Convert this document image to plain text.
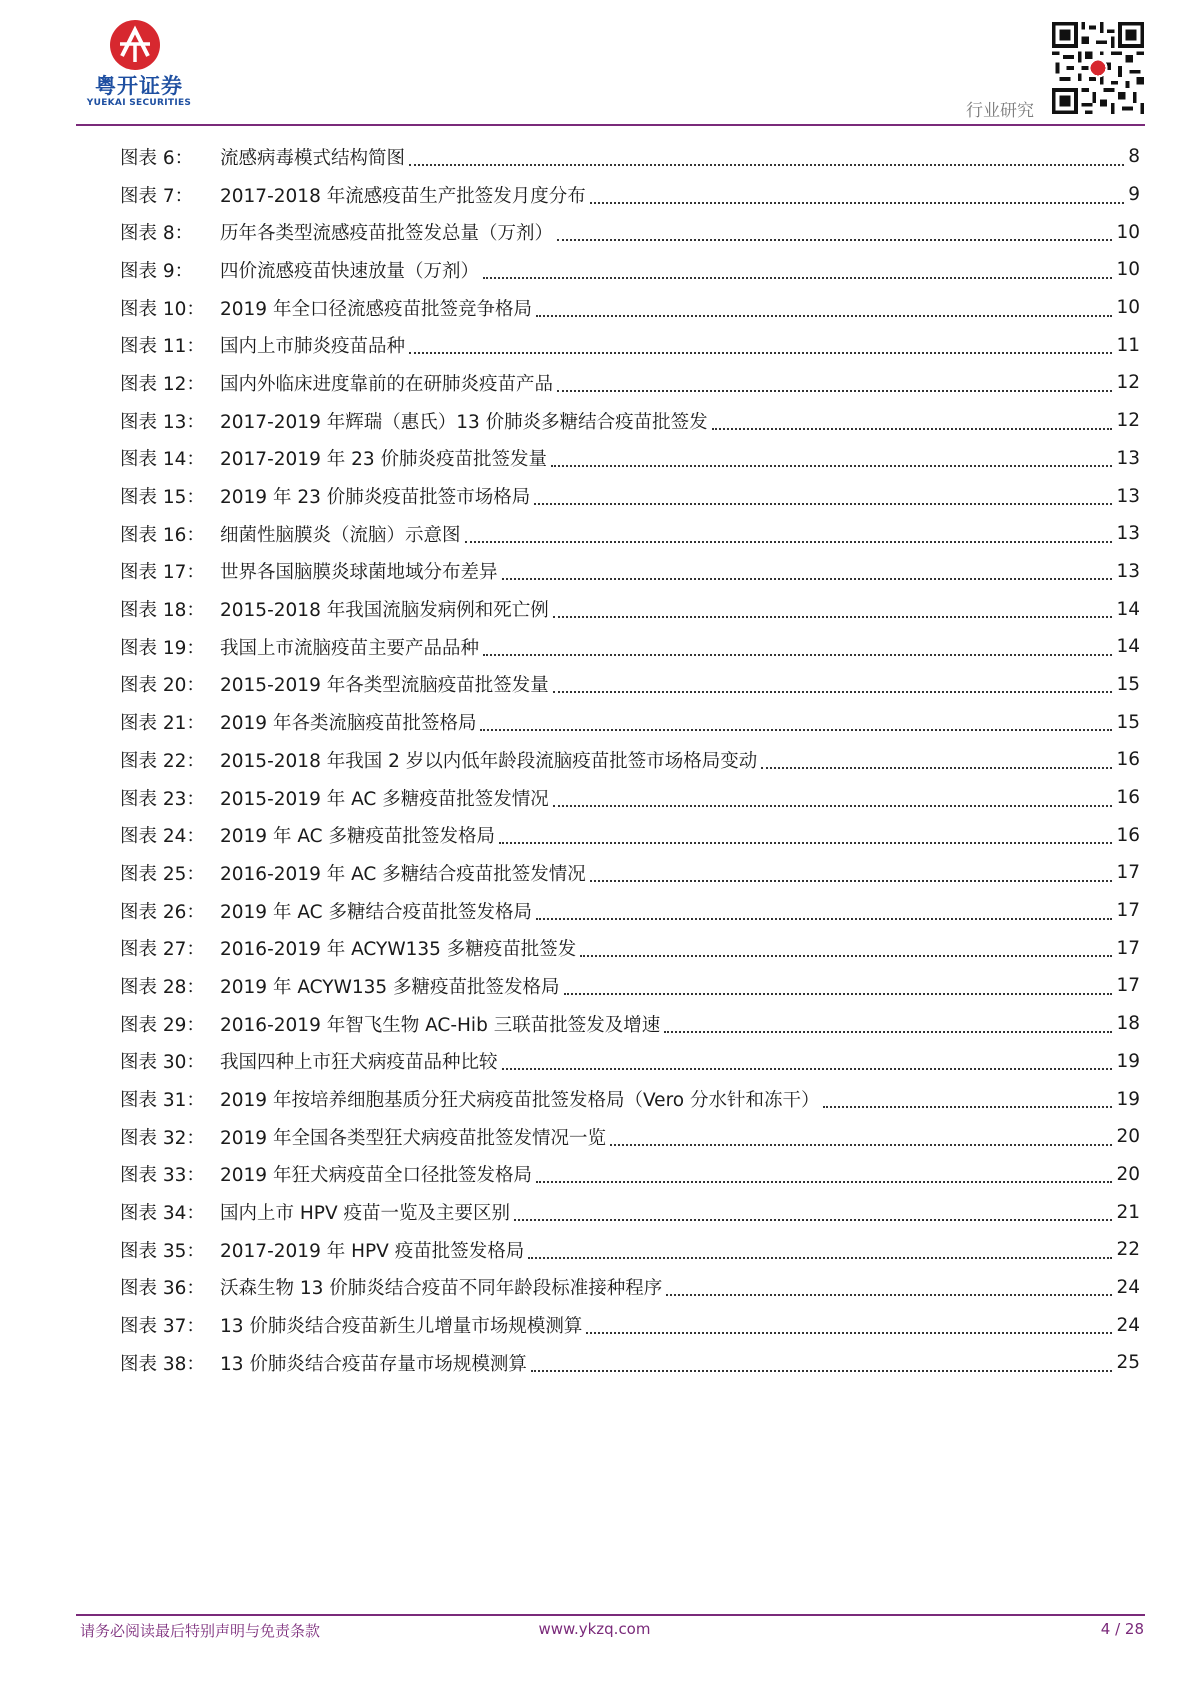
粤开证券
YUEKAI SECURITIES	行业研究
图表 6：	流感病毒模式结构简图	8
图表 7：	2017-2018 年流感疫苗生产批签发月度分布	9
图表 8：	历年各类型流感疫苗批签发总量（万剂）	10
图表 9：	四价流感疫苗快速放量（万剂）	10
图表 10： 2019 年全口径流感疫苗批签竞争格局	10
图表 11： 国内上市肺炎疫苗品种	11
图表 12： 国内外临床进度靠前的在研肺炎疫苗产品	12
图表 13： 2017-2019 年辉瑞（惠氏）13 价肺炎多糖结合疫苗批签发	12
图表 14： 2017-2019 年 23 价肺炎疫苗批签发量	13
图表 15： 2019 年 23 价肺炎疫苗批签市场格局	13
图表 16： 细菌性脑膜炎（流脑）示意图	13
图表 17： 世界各国脑膜炎球菌地域分布差异	13
图表 18： 2015-2018 年我国流脑发病例和死亡例	14
图表 19： 我国上市流脑疫苗主要产品品种	14
图表 20： 2015-2019 年各类型流脑疫苗批签发量	15
图表 21： 2019 年各类流脑疫苗批签格局	15
图表 22： 2015-2018 年我国 2 岁以内低年龄段流脑疫苗批签市场格局变动	16
图表 23： 2015-2019 年 AC 多糖疫苗批签发情况	16
图表 24： 2019 年 AC 多糖疫苗批签发格局	16
图表 25： 2016-2019 年 AC 多糖结合疫苗批签发情况	17
图表 26： 2019 年 AC 多糖结合疫苗批签发格局	17
图表 27： 2016-2019 年 ACYW135 多糖疫苗批签发	17
图表 28： 2019 年 ACYW135 多糖疫苗批签发格局	17
图表 29： 2016-2019 年智飞生物 AC-Hib 三联苗批签发及增速	18
图表 30： 我国四种上市狂犬病疫苗品种比较	19
图表 31： 2019 年按培养细胞基质分狂犬病疫苗批签发格局（Vero 分水针和冻干）	19
图表 32： 2019 年全国各类型狂犬病疫苗批签发情况一览	20
图表 33： 2019 年狂犬病疫苗全口径批签发格局	20
图表 34： 国内上市 HPV 疫苗一览及主要区别	21
图表 35： 2017-2019 年 HPV 疫苗批签发格局	22
图表 36： 沃森生物 13 价肺炎结合疫苗不同年龄段标准接种程序	24
图表 37： 13 价肺炎结合疫苗新生儿增量市场规模测算	24
图表 38： 13 价肺炎结合疫苗存量市场规模测算	25
请务必阅读最后特别声明与免责条款	www.ykzq.com	4 / 28
